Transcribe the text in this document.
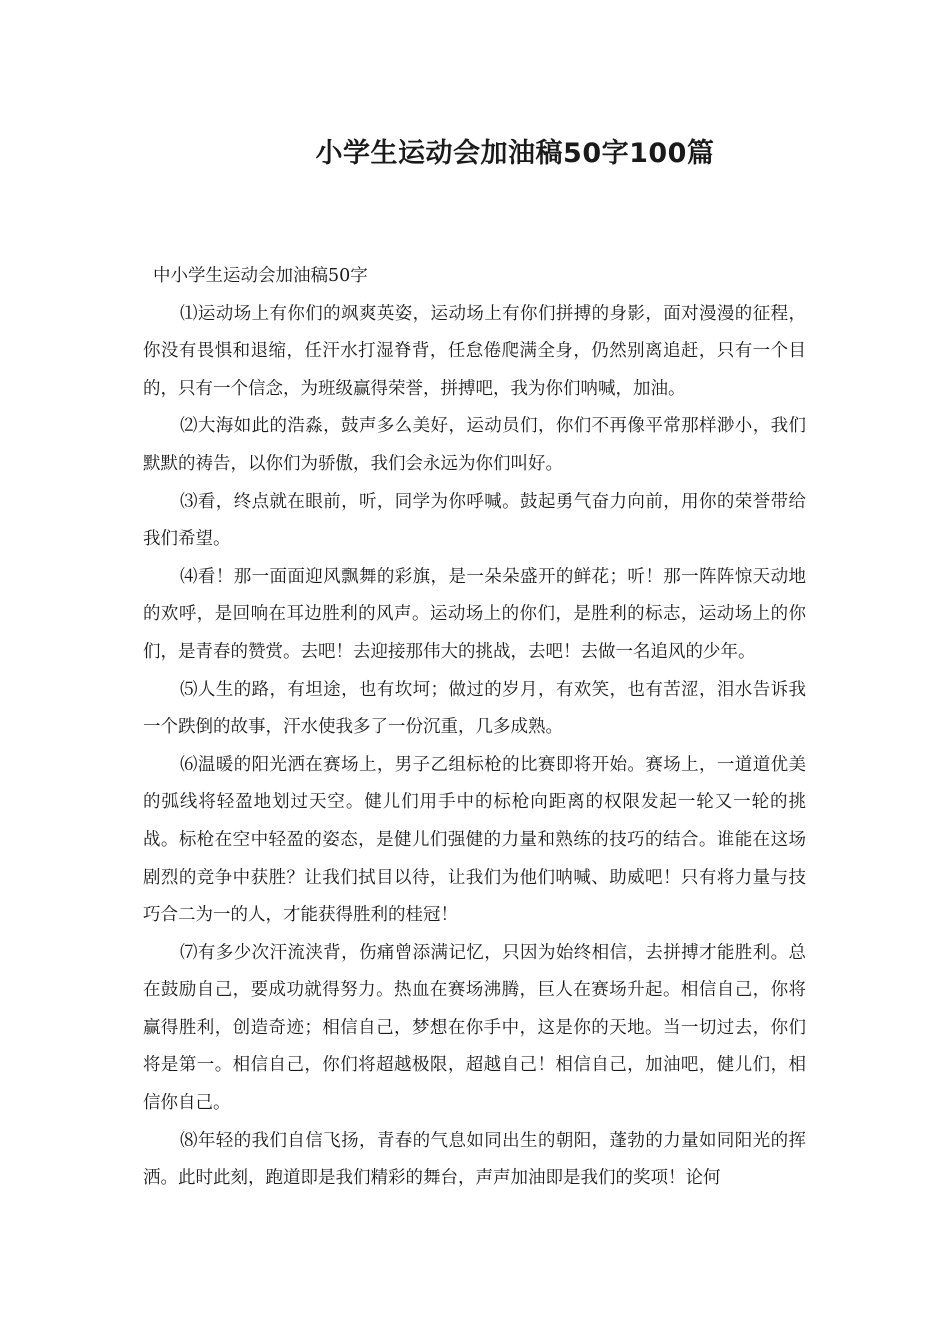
小学生运动会加油稿50字100篇

中小学生运动会加油稿50字

⑴运动场上有你们的飒爽英姿，运动场上有你们拼搏的身影，面对漫漫的征程，你没有畏惧和退缩，任汗水打湿脊背，任怠倦爬满全身，仍然别离追赶，只有一个目的，只有一个信念，为班级赢得荣誉，拼搏吧，我为你们呐喊，加油。

⑵大海如此的浩淼，鼓声多么美好，运动员们，你们不再像平常那样渺小，我们默默的祷告，以你们为骄傲，我们会永远为你们叫好。

⑶看，终点就在眼前，听，同学为你呼喊。鼓起勇气奋力向前，用你的荣誉带给我们希望。

⑷看！那一面面迎风飘舞的彩旗，是一朵朵盛开的鲜花；听！那一阵阵惊天动地的欢呼，是回响在耳边胜利的风声。运动场上的你们，是胜利的标志，运动场上的你们，是青春的赞赏。去吧！去迎接那伟大的挑战，去吧！去做一名追风的少年。

⑸人生的路，有坦途，也有坎坷；做过的岁月，有欢笑，也有苦涩，泪水告诉我一个跌倒的故事，汗水使我多了一份沉重，几多成熟。

⑹温暖的阳光洒在赛场上，男子乙组标枪的比赛即将开始。赛场上，一道道优美的弧线将轻盈地划过天空。健儿们用手中的标枪向距离的权限发起一轮又一轮的挑战。标枪在空中轻盈的姿态，是健儿们强健的力量和熟练的技巧的结合。谁能在这场剧烈的竞争中获胜？让我们拭目以待，让我们为他们呐喊、助威吧！只有将力量与技巧合二为一的人，才能获得胜利的桂冠！

⑺有多少次汗流浃背，伤痛曾添满记忆，只因为始终相信，去拼搏才能胜利。总在鼓励自己，要成功就得努力。热血在赛场沸腾，巨人在赛场升起。相信自己，你将赢得胜利，创造奇迹；相信自己，梦想在你手中，这是你的天地。当一切过去，你们将是第一。相信自己，你们将超越极限，超越自己！相信自己，加油吧，健儿们，相信你自己。

⑻年轻的我们自信飞扬，青春的气息如同出生的朝阳，蓬勃的力量如同阳光的挥洒。此时此刻，跑道即是我们精彩的舞台，声声加油即是我们的奖项！论何
